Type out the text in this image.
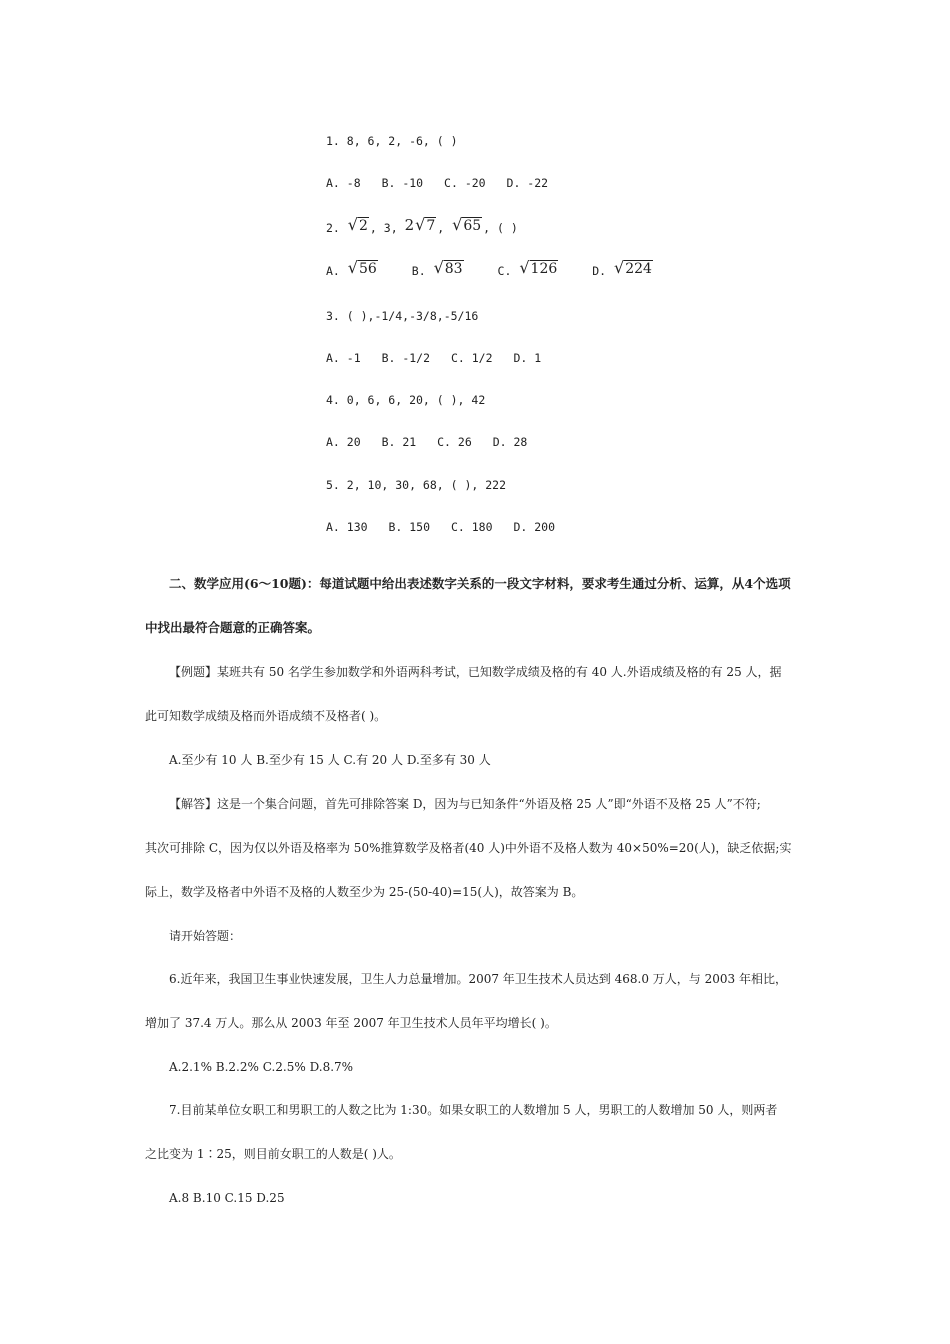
1. 8, 6, 2, -6, ( )
A. -8 B. -10 C. -20 D. -22
2. √2 , 3, 2√7 , √65 , ( )
A. √56	B. √83	C. √126	D. √224
3. ( ),-1/4,-3/8,-5/16
A. -1 B. -1/2 C. 1/2 D. 1
4. 0, 6, 6, 20, ( ), 42
A. 20 B. 21 C. 26 D. 28
5. 2, 10, 30, 68, ( ), 222
A. 130 B. 150 C. 180 D. 200
二、数学应用(6～10题)：每道试题中给出表述数字关系的一段文字材料，要求考生通过分析、运算，从4个选项
中找出最符合题意的正确答案。
【例题】某班共有 50 名学生参加数学和外语两科考试，已知数学成绩及格的有 40 人.外语成绩及格的有 25 人，据
此可知数学成绩及格而外语成绩不及格者( )。
A.至少有 10 人 B.至少有 15 人 C.有 20 人 D.至多有 30 人
【解答】这是一个集合问题，首先可排除答案 D，因为与已知条件“外语及格 25 人”即“外语不及格 25 人”不符;
其次可排除 C，因为仅以外语及格率为 50%推算数学及格者(40 人)中外语不及格人数为 40×50%=20(人)，缺乏依据;实
际上，数学及格者中外语不及格的人数至少为 25-(50-40)=15(人)，故答案为 B。
请开始答题：
6.近年来，我国卫生事业快速发展，卫生人力总量增加。2007 年卫生技术人员达到 468.0 万人，与 2003 年相比，
增加了 37.4 万人。那么从 2003 年至 2007 年卫生技术人员年平均增长( )。
A.2.1% B.2.2% C.2.5% D.8.7%
7.目前某单位女职工和男职工的人数之比为 1:30。如果女职工的人数增加 5 人，男职工的人数增加 50 人，则两者
之比变为 1∶25，则目前女职工的人数是( )人。
A.8 B.10 C.15 D.25
